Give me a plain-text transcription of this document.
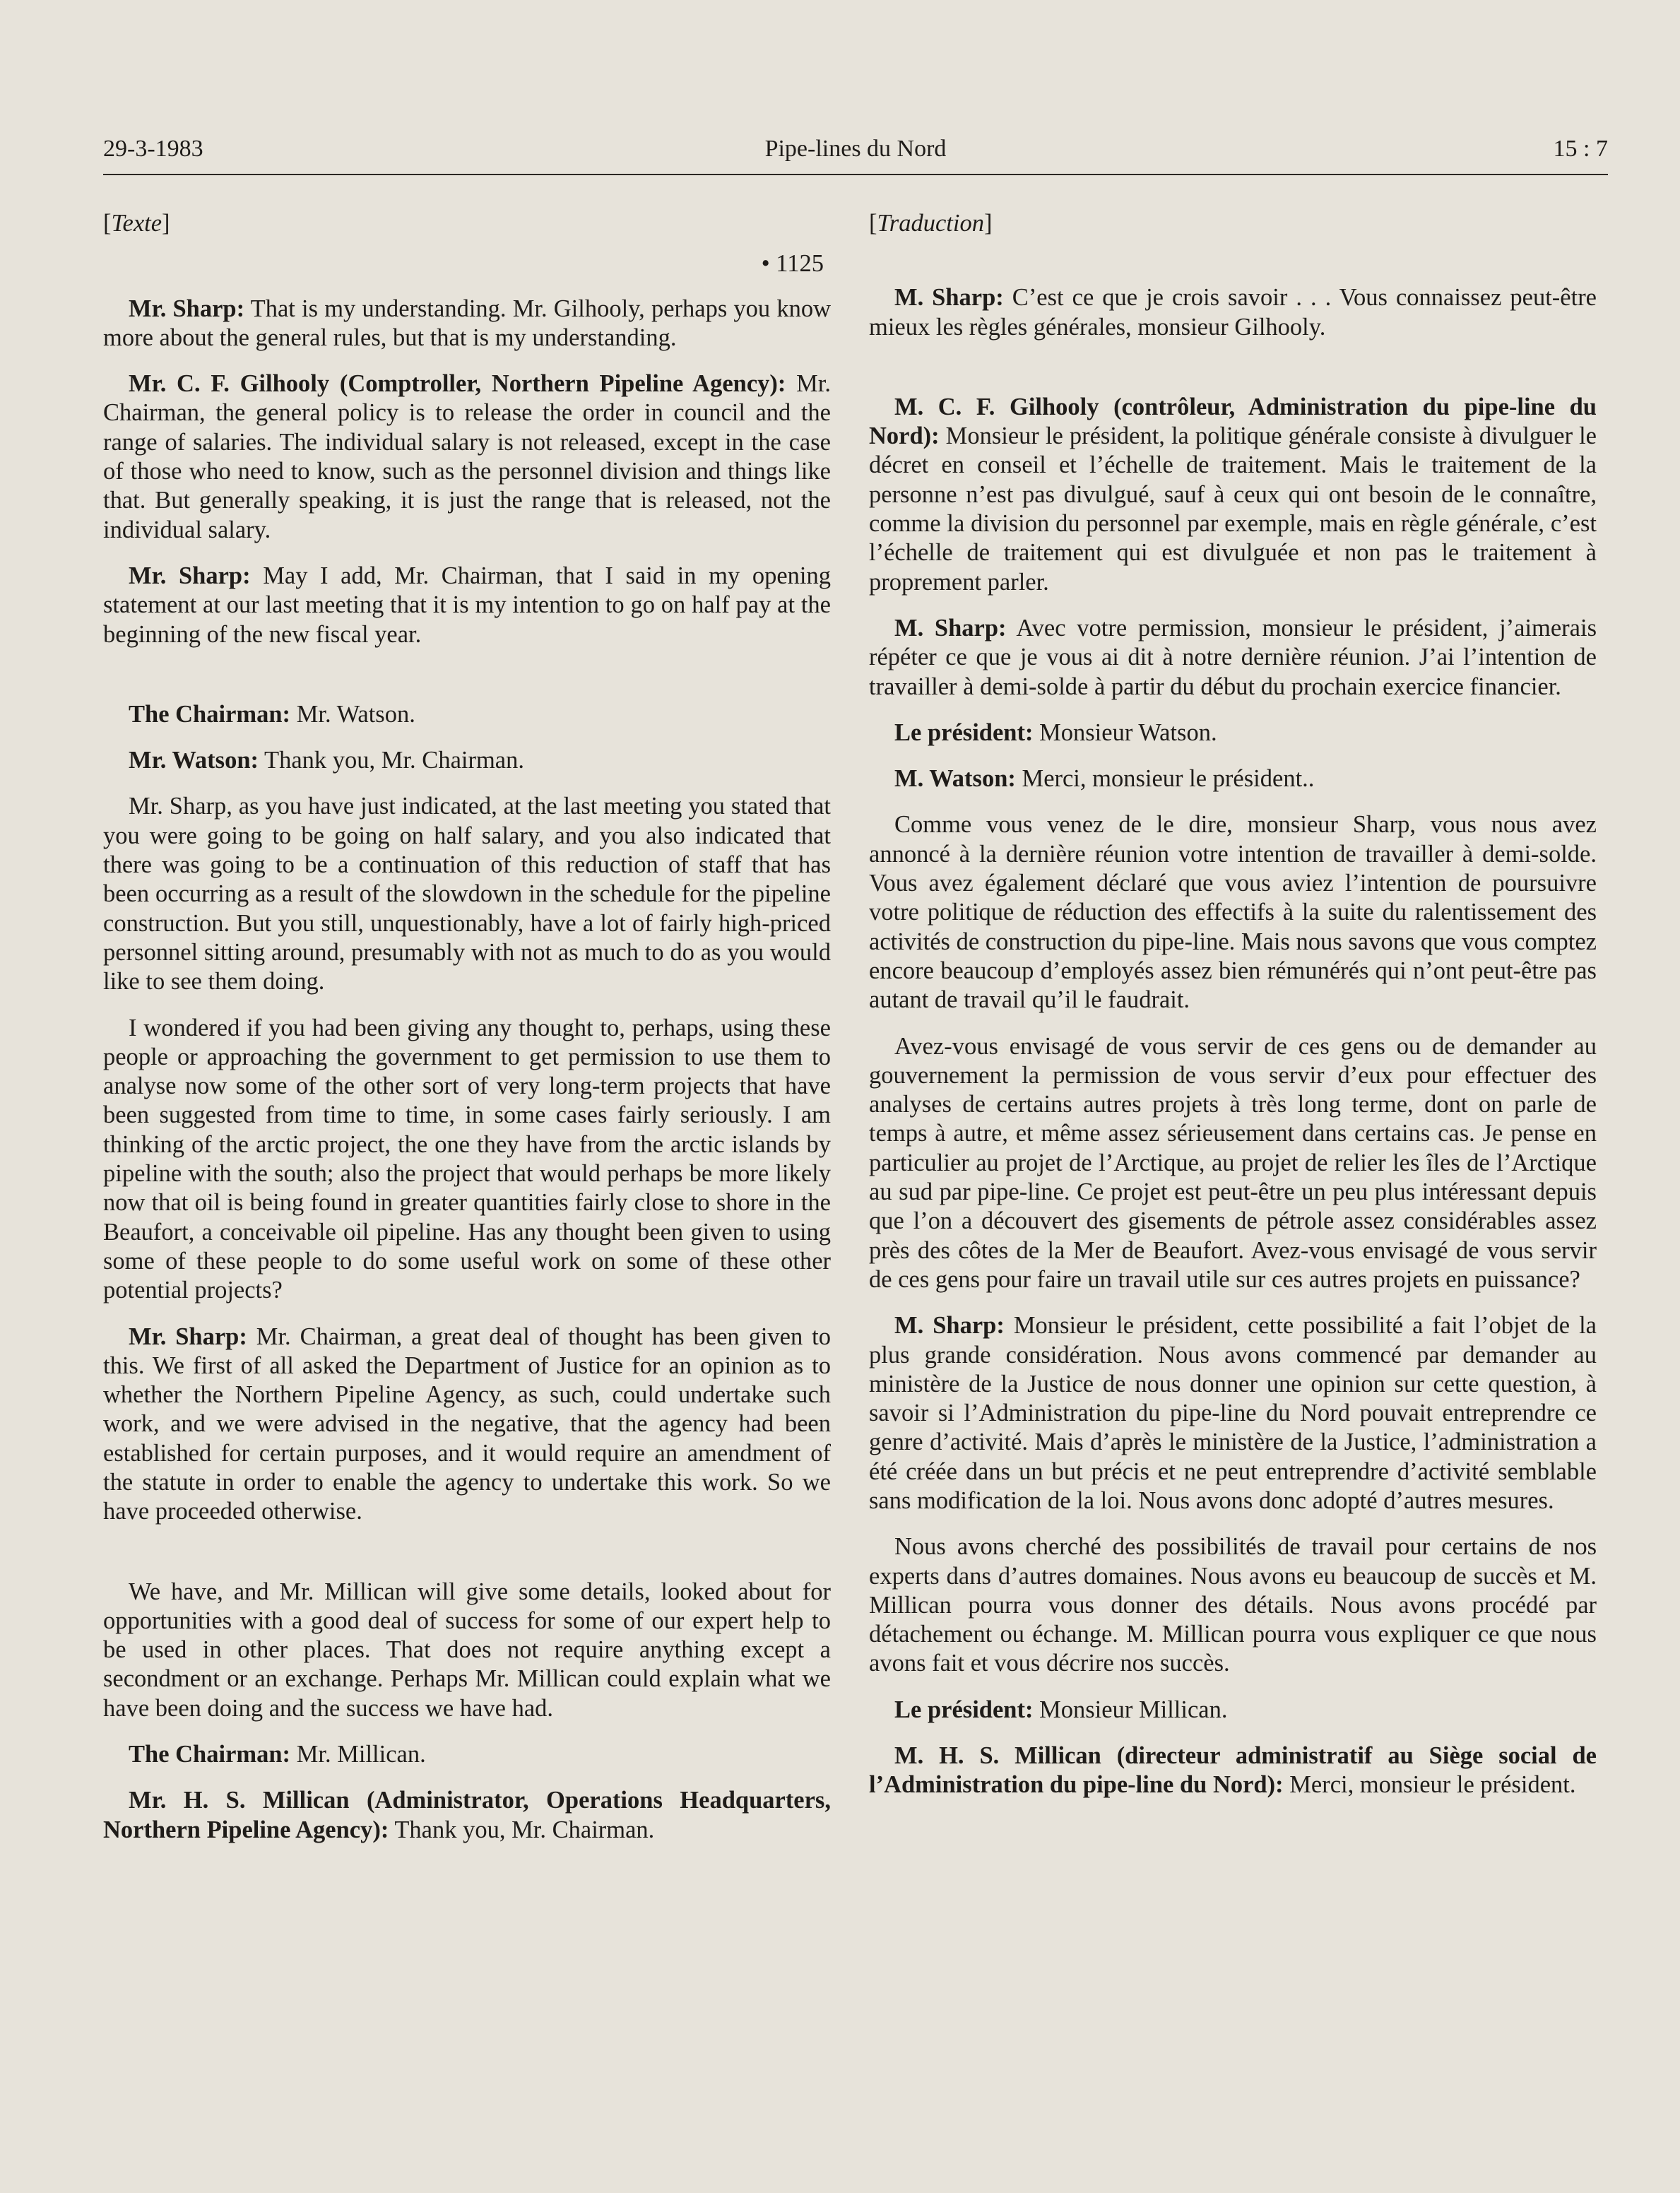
29-3-1983	Pipe-lines du Nord	15 : 7
[Texte]
• 1125

Mr. Sharp: That is my understanding. Mr. Gilhooly, perhaps you know more about the general rules, but that is my understanding.

Mr. C. F. Gilhooly (Comptroller, Northern Pipeline Agency): Mr. Chairman, the general policy is to release the order in council and the range of salaries. The individual salary is not released, except in the case of those who need to know, such as the personnel division and things like that. But generally speaking, it is just the range that is released, not the individual salary.

Mr. Sharp: May I add, Mr. Chairman, that I said in my opening statement at our last meeting that it is my intention to go on half pay at the beginning of the new fiscal year.

The Chairman: Mr. Watson.

Mr. Watson: Thank you, Mr. Chairman.

Mr. Sharp, as you have just indicated, at the last meeting you stated that you were going to be going on half salary, and you also indicated that there was going to be a continuation of this reduction of staff that has been occurring as a result of the slowdown in the schedule for the pipeline construction. But you still, unquestionably, have a lot of fairly high-priced personnel sitting around, presumably with not as much to do as you would like to see them doing.

I wondered if you had been giving any thought to, perhaps, using these people or approaching the government to get permission to use them to analyse now some of the other sort of very long-term projects that have been suggested from time to time, in some cases fairly seriously. I am thinking of the arctic project, the one they have from the arctic islands by pipeline with the south; also the project that would perhaps be more likely now that oil is being found in greater quantities fairly close to shore in the Beaufort, a conceivable oil pipeline. Has any thought been given to using some of these people to do some useful work on some of these other potential projects?

Mr. Sharp: Mr. Chairman, a great deal of thought has been given to this. We first of all asked the Department of Justice for an opinion as to whether the Northern Pipeline Agency, as such, could undertake such work, and we were advised in the negative, that the agency had been established for certain purposes, and it would require an amendment of the statute in order to enable the agency to undertake this work. So we have proceeded otherwise.

We have, and Mr. Millican will give some details, looked about for opportunities with a good deal of success for some of our expert help to be used in other places. That does not require anything except a secondment or an exchange. Perhaps Mr. Millican could explain what we have been doing and the success we have had.

The Chairman: Mr. Millican.

Mr. H. S. Millican (Administrator, Operations Headquarters, Northern Pipeline Agency): Thank you, Mr. Chairman.

[Traduction]

M. Sharp: C’est ce que je crois savoir . . . Vous connaissez peut-être mieux les règles générales, monsieur Gilhooly.

M. C. F. Gilhooly (contrôleur, Administration du pipe-line du Nord): Monsieur le président, la politique générale consiste à divulguer le décret en conseil et l’échelle de traitement. Mais le traitement de la personne n’est pas divulgué, sauf à ceux qui ont besoin de le connaître, comme la division du personnel par exemple, mais en règle générale, c’est l’échelle de traitement qui est divulguée et non pas le traitement à proprement parler.

M. Sharp: Avec votre permission, monsieur le président, j’aimerais répéter ce que je vous ai dit à notre dernière réunion. J’ai l’intention de travailler à demi-solde à partir du début du prochain exercice financier.

Le président: Monsieur Watson.

M. Watson: Merci, monsieur le président..

Comme vous venez de le dire, monsieur Sharp, vous nous avez annoncé à la dernière réunion votre intention de travailler à demi-solde. Vous avez également déclaré que vous aviez l’intention de poursuivre votre politique de réduction des effectifs à la suite du ralentissement des activités de construction du pipe-line. Mais nous savons que vous comptez encore beaucoup d’employés assez bien rémunérés qui n’ont peut-être pas autant de travail qu’il le faudrait.

Avez-vous envisagé de vous servir de ces gens ou de demander au gouvernement la permission de vous servir d’eux pour effectuer des analyses de certains autres projets à très long terme, dont on parle de temps à autre, et même assez sérieusement dans certains cas. Je pense en particulier au projet de l’Arctique, au projet de relier les îles de l’Arctique au sud par pipe-line. Ce projet est peut-être un peu plus intéressant depuis que l’on a découvert des gisements de pétrole assez considérables assez près des côtes de la Mer de Beaufort. Avez-vous envisagé de vous servir de ces gens pour faire un travail utile sur ces autres projets en puissance?

M. Sharp: Monsieur le président, cette possibilité a fait l’objet de la plus grande considération. Nous avons commencé par demander au ministère de la Justice de nous donner une opinion sur cette question, à savoir si l’Administration du pipe-line du Nord pouvait entreprendre ce genre d’activité. Mais d’après le ministère de la Justice, l’administration a été créée dans un but précis et ne peut entreprendre d’activité semblable sans modification de la loi. Nous avons donc adopté d’autres mesures.

Nous avons cherché des possibilités de travail pour certains de nos experts dans d’autres domaines. Nous avons eu beaucoup de succès et M. Millican pourra vous donner des détails. Nous avons procédé par détachement ou échange. M. Millican pourra vous expliquer ce que nous avons fait et vous décrire nos succès.

Le président: Monsieur Millican.

M. H. S. Millican (directeur administratif au Siège social de l’Administration du pipe-line du Nord): Merci, monsieur le président.
